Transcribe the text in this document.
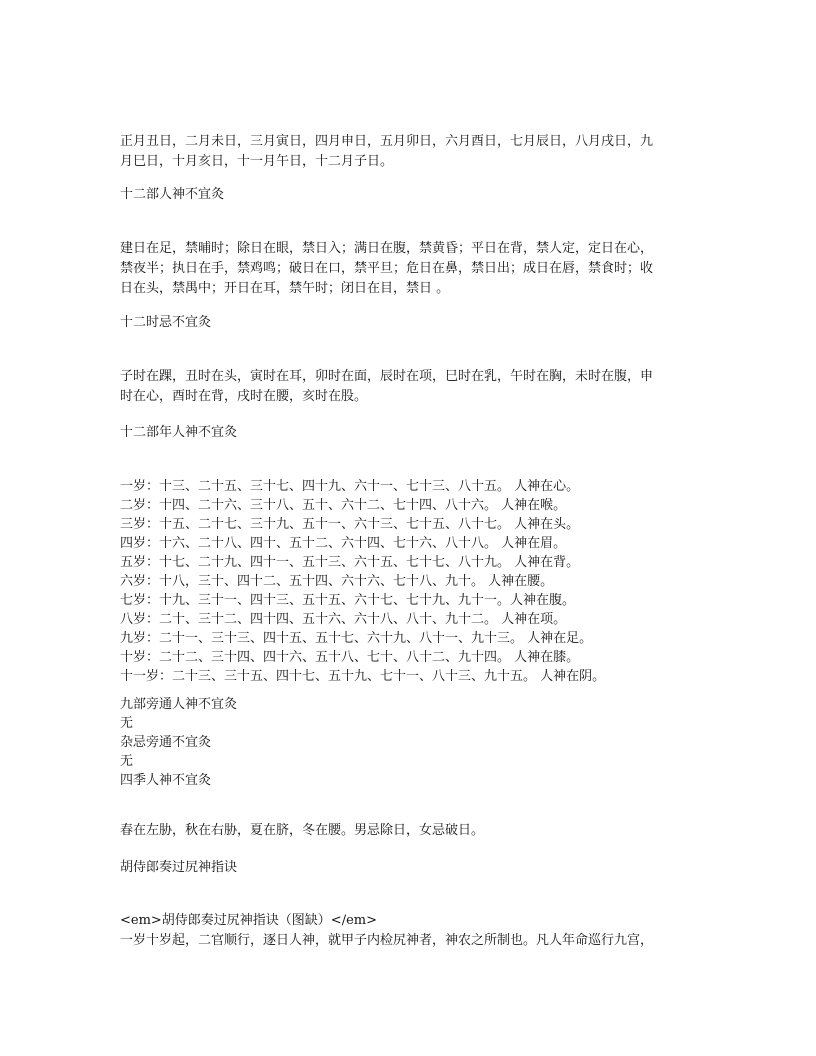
正月丑日，二月未日，三月寅日，四月申日，五月卯日，六月酉日，七月辰日，八月戌日，九
月巳日，十月亥日，十一月午日，十二月子日。
十二部人神不宜灸
建日在足，禁晡时；除日在眼，禁日入；满日在腹，禁黄昏；平日在背，禁人定，定日在心，
禁夜半；执日在手，禁鸡鸣；破日在口，禁平旦；危日在鼻，禁日出；成日在唇，禁食时；收
日在头，禁禺中；开日在耳，禁午时；闭日在目，禁日 。
十二时忌不宜灸
子时在踝，丑时在头，寅时在耳，卯时在面，辰时在项，巳时在乳，午时在胸，未时在腹，申
时在心，酉时在背，戌时在腰，亥时在股。
十二部年人神不宜灸
一岁：十三、二十五、三十七、四十九、六十一、七十三、八十五。 人神在心。
二岁：十四、二十六、三十八、五十、六十二、七十四、八十六。 人神在喉。
三岁：十五、二十七、三十九、五十一、六十三、七十五、八十七。 人神在头。
四岁：十六、二十八、四十、五十二、六十四、七十六、八十八。 人神在眉。
五岁：十七、二十九、四十一、五十三、六十五、七十七、八十九。 人神在背。
六岁：十八，三十、四十二、五十四、六十六、七十八、九十。 人神在腰。
七岁：十九、三十一、四十三、五十五、六十七、七十九、九十一。人神在腹。
八岁：二十、三十二、四十四、五十六、六十八、八十、九十二。 人神在项。
九岁：二十一、三十三、四十五、五十七、六十九、八十一、九十三。 人神在足。
十岁：二十二、三十四、四十六、五十八、七十、八十二、九十四。 人神在膝。
十一岁：二十三、三十五、四十七、五十九、七十一、八十三、九十五。 人神在阴。
九部旁通人神不宜灸
无
杂忌旁通不宜灸
无
四季人神不宜灸
春在左胁，秋在右胁，夏在脐，冬在腰。男忌除日，女忌破日。
胡侍郎奏过尻神指诀
<em>胡侍郎奏过尻神指诀（图缺）</em>
一岁十岁起，二官顺行，逐日人神，就甲子内检尻神者，神农之所制也。凡人年命巡行九宫，
